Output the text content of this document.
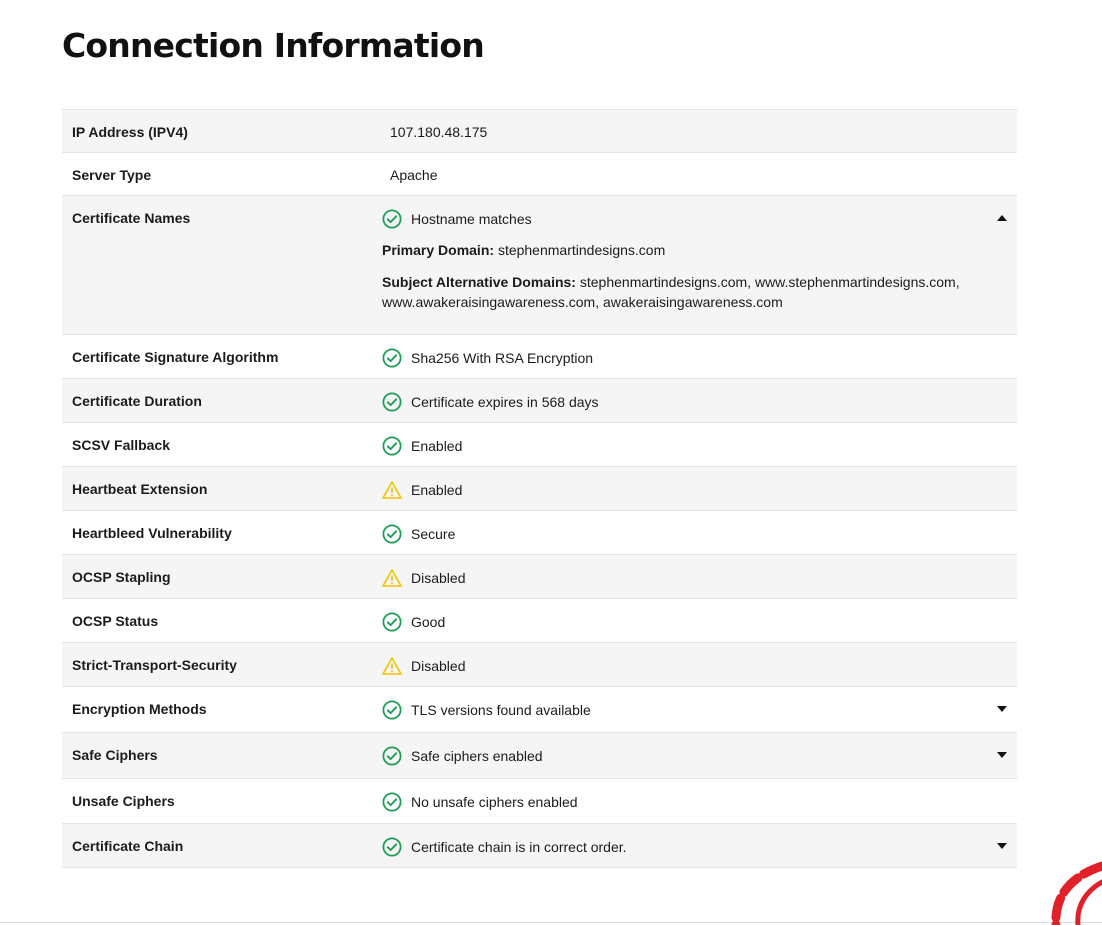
Connection Information
IP Address (IPV4)	107.180.48.175
Server Type	Apache
Certificate Names	Hostname matches
Primary Domain: stephenmartindesigns.com
Subject Alternative Domains: stephenmartindesigns.com, www.stephenmartindesigns.com, www.awakeraisingawareness.com, awakeraisingawareness.com

Certificate Signature Algorithm	Sha256 With RSA Encryption

Certificate Duration	Certificate expires in 568 days

SCSV Fallback	Enabled

Heartbeat Extension	Enabled

Heartbleed Vulnerability	Secure

OCSP Stapling	Disabled

OCSP Status	Good

Strict-Transport-Security	Disabled

Encryption Methods	TLS versions found available

Safe Ciphers	Safe ciphers enabled

Unsafe Ciphers	No unsafe ciphers enabled

Certificate Chain	Certificate chain is in correct order.
